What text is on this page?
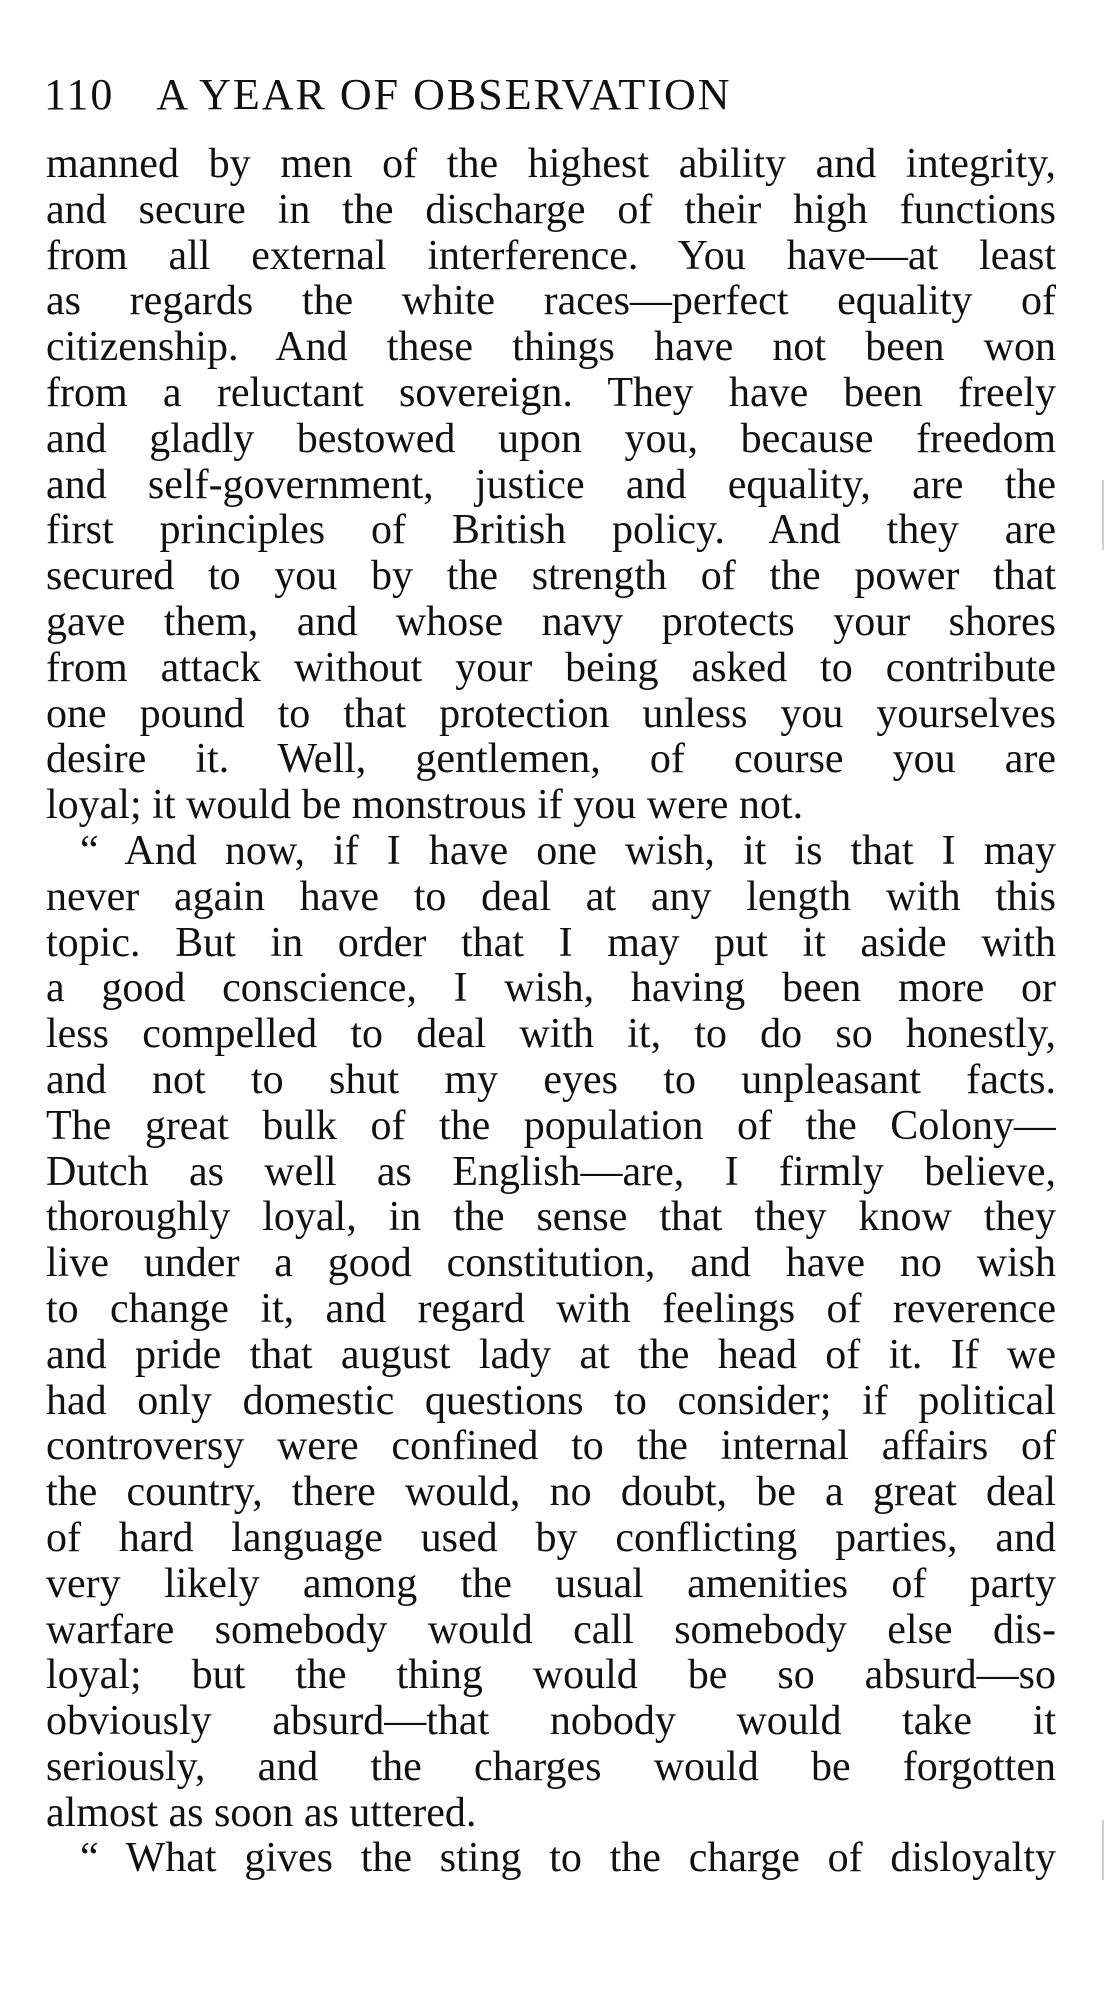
110 A YEAR OF OBSERVATION
manned by men of the highest ability and integrity,
and secure in the discharge of their high functions
from all external interference. You have—at least
as regards the white races—perfect equality of
citizenship. And these things have not been won
from a reluctant sovereign. They have been freely
and gladly bestowed upon you, because freedom
and self-government, justice and equality, are the
first principles of British policy. And they are
secured to you by the strength of the power that
gave them, and whose navy protects your shores
from attack without your being asked to contribute
one pound to that protection unless you yourselves
desire it. Well, gentlemen, of course you are
loyal; it would be monstrous if you were not.
“ And now, if I have one wish, it is that I may
never again have to deal at any length with this
topic. But in order that I may put it aside with
a good conscience, I wish, having been more or
less compelled to deal with it, to do so honestly,
and not to shut my eyes to unpleasant facts.
The great bulk of the population of the Colony—
Dutch as well as English—are, I firmly believe,
thoroughly loyal, in the sense that they know they
live under a good constitution, and have no wish
to change it, and regard with feelings of reverence
and pride that august lady at the head of it. If we
had only domestic questions to consider; if political
controversy were confined to the internal affairs of
the country, there would, no doubt, be a great deal
of hard language used by conflicting parties, and
very likely among the usual amenities of party
warfare somebody would call somebody else dis-
loyal; but the thing would be so absurd—so
obviously absurd—that nobody would take it
seriously, and the charges would be forgotten
almost as soon as uttered.
“ What gives the sting to the charge of disloyalty
